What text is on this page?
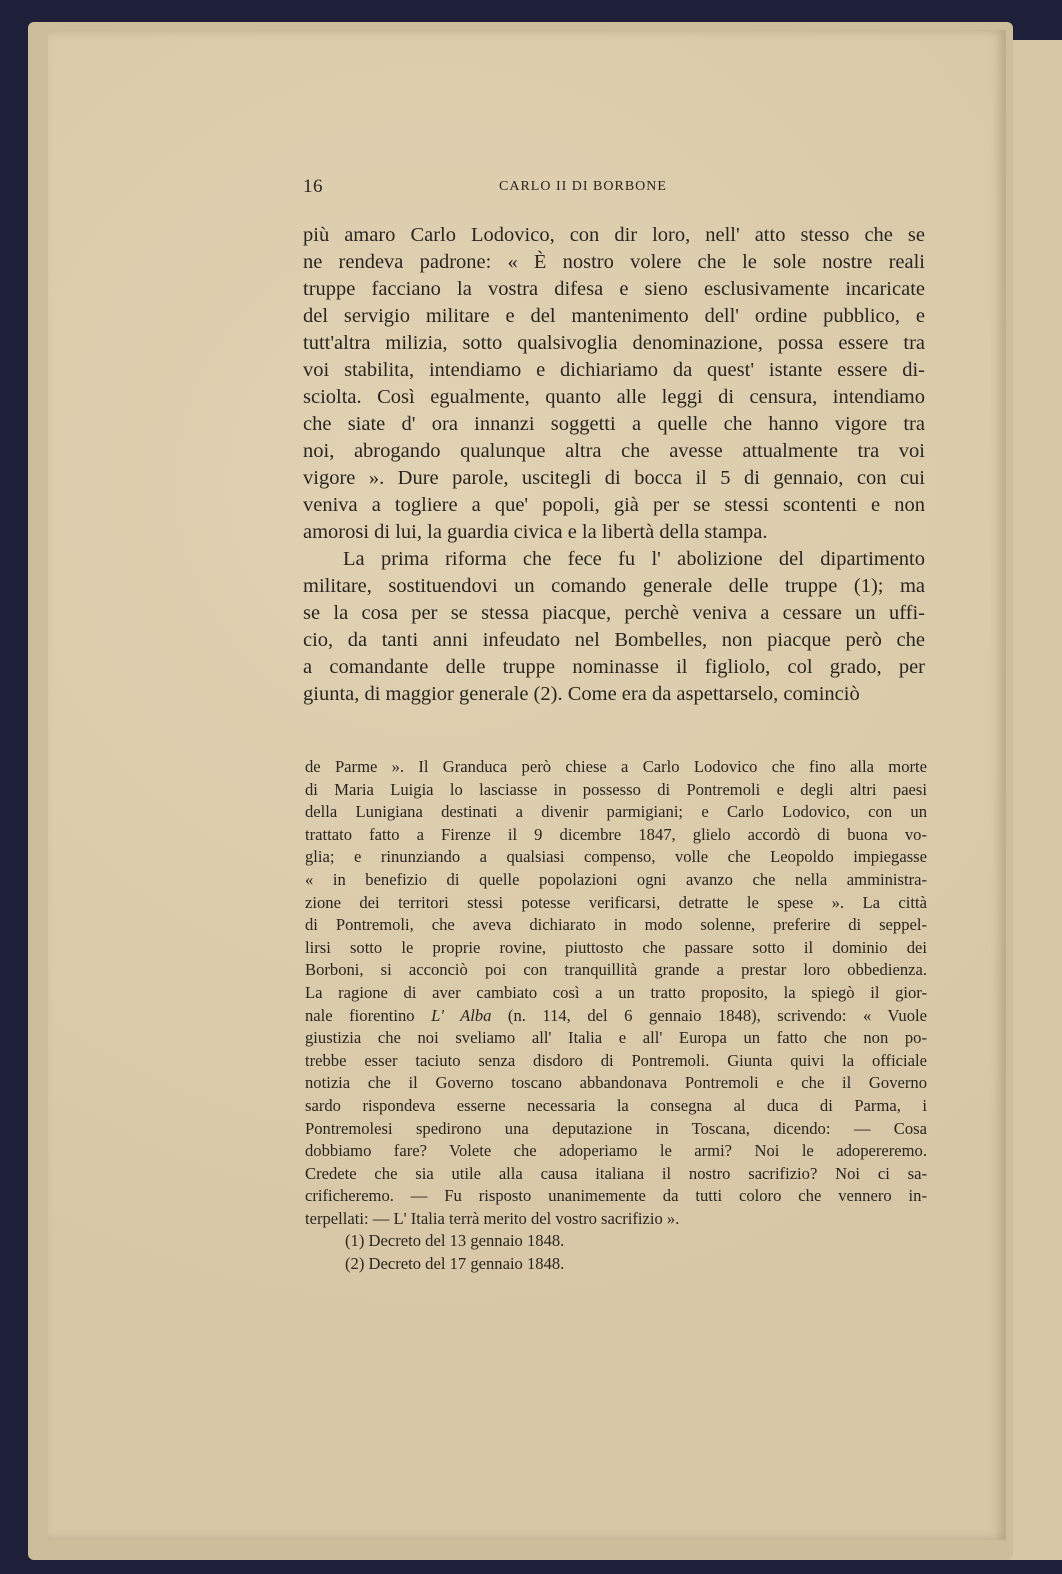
16	CARLO II DI BORBONE
più amaro Carlo Lodovico, con dir loro, nell' atto stesso che se
ne rendeva padrone: « È nostro volere che le sole nostre reali
truppe facciano la vostra difesa e sieno esclusivamente incaricate
del servigio militare e del mantenimento dell' ordine pubblico, e
tutt'altra milizia, sotto qualsivoglia denominazione, possa essere tra
voi stabilita, intendiamo e dichiariamo da quest' istante essere di-
sciolta. Così egualmente, quanto alle leggi di censura, intendiamo
che siate d' ora innanzi soggetti a quelle che hanno vigore tra
noi, abrogando qualunque altra che avesse attualmente tra voi
vigore ». Dure parole, uscitegli di bocca il 5 di gennaio, con cui
veniva a togliere a que' popoli, già per se stessi scontenti e non
amorosi di lui, la guardia civica e la libertà della stampa.
La prima riforma che fece fu l' abolizione del dipartimento
militare, sostituendovi un comando generale delle truppe (1); ma
se la cosa per se stessa piacque, perchè veniva a cessare un uffi-
cio, da tanti anni infeudato nel Bombelles, non piacque però che
a comandante delle truppe nominasse il figliolo, col grado, per
giunta, di maggior generale (2). Come era da aspettarselo, cominciò
de Parme ». Il Granduca però chiese a Carlo Lodovico che fino alla morte
di Maria Luigia lo lasciasse in possesso di Pontremoli e degli altri paesi
della Lunigiana destinati a divenir parmigiani; e Carlo Lodovico, con un
trattato fatto a Firenze il 9 dicembre 1847, glielo accordò di buona vo-
glia; e rinunziando a qualsiasi compenso, volle che Leopoldo impiegasse
« in benefizio di quelle popolazioni ogni avanzo che nella amministra-
zione dei territori stessi potesse verificarsi, detratte le spese ». La città
di Pontremoli, che aveva dichiarato in modo solenne, preferire di seppel-
lirsi sotto le proprie rovine, piuttosto che passare sotto il dominio dei
Borboni, si acconciò poi con tranquillità grande a prestar loro obbedienza.
La ragione di aver cambiato così a un tratto proposito, la spiegò il gior-
nale fiorentino L' Alba (n. 114, del 6 gennaio 1848), scrivendo: « Vuole
giustizia che noi sveliamo all' Italia e all' Europa un fatto che non po-
trebbe esser taciuto senza disdoro di Pontremoli. Giunta quivi la officiale
notizia che il Governo toscano abbandonava Pontremoli e che il Governo
sardo rispondeva esserne necessaria la consegna al duca di Parma, i
Pontremolesi spedirono una deputazione in Toscana, dicendo: — Cosa
dobbiamo fare? Volete che adoperiamo le armi? Noi le adopereremo.
Credete che sia utile alla causa italiana il nostro sacrifizio? Noi ci sa-
crificheremo. — Fu risposto unanimemente da tutti coloro che vennero in-
terpellati: — L' Italia terrà merito del vostro sacrifizio ».
(1) Decreto del 13 gennaio 1848.
(2) Decreto del 17 gennaio 1848.
